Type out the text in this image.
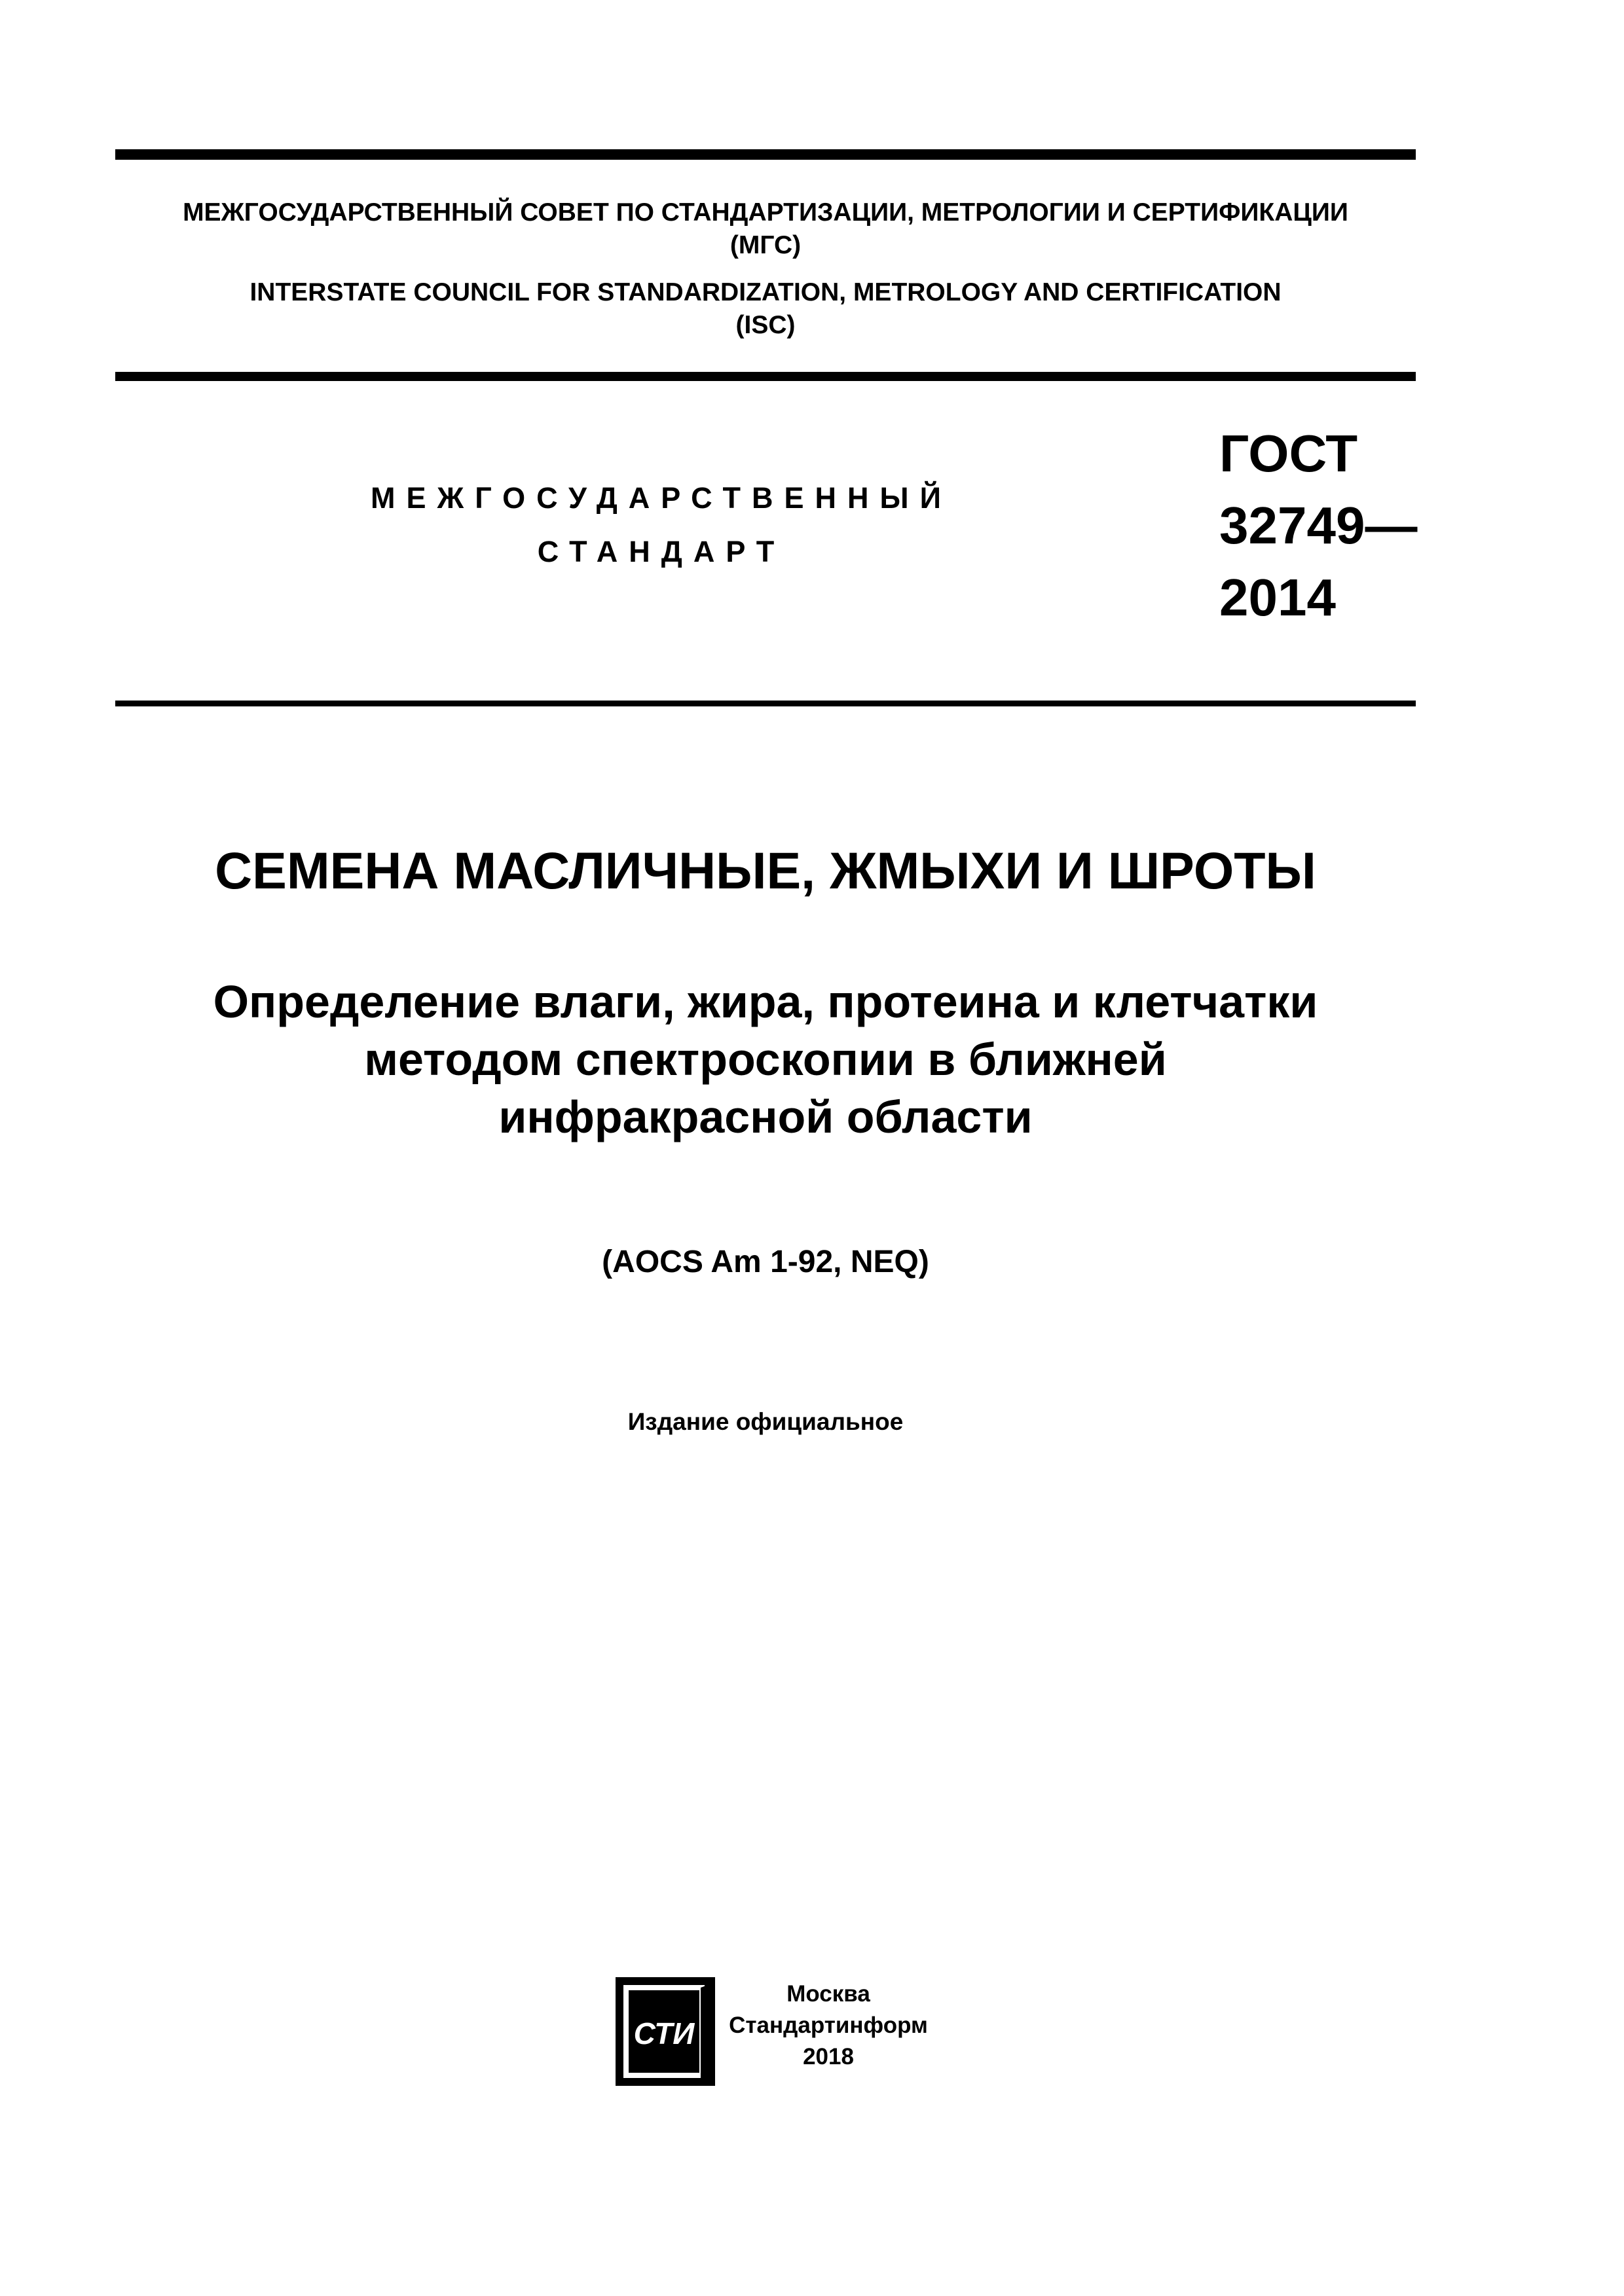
МЕЖГОСУДАРСТВЕННЫЙ СОВЕТ ПО СТАНДАРТИЗАЦИИ, МЕТРОЛОГИИ И СЕРТИФИКАЦИИ
(МГС)
INTERSTATE COUNCIL FOR STANDARDIZATION, METROLOGY AND CERTIFICATION
(ISC)
МЕЖГОСУДАРСТВЕННЫЙ
СТАНДАРТ
ГОСТ
32749—
2014
СЕМЕНА МАСЛИЧНЫЕ, ЖМЫХИ И ШРОТЫ
Определение влаги, жира, протеина и клетчатки
методом спектроскопии в ближней
инфракрасной области
(AOCS Am 1-92, NEQ)
Издание официальное
СТИ
Москва
Стандартинформ
2018
